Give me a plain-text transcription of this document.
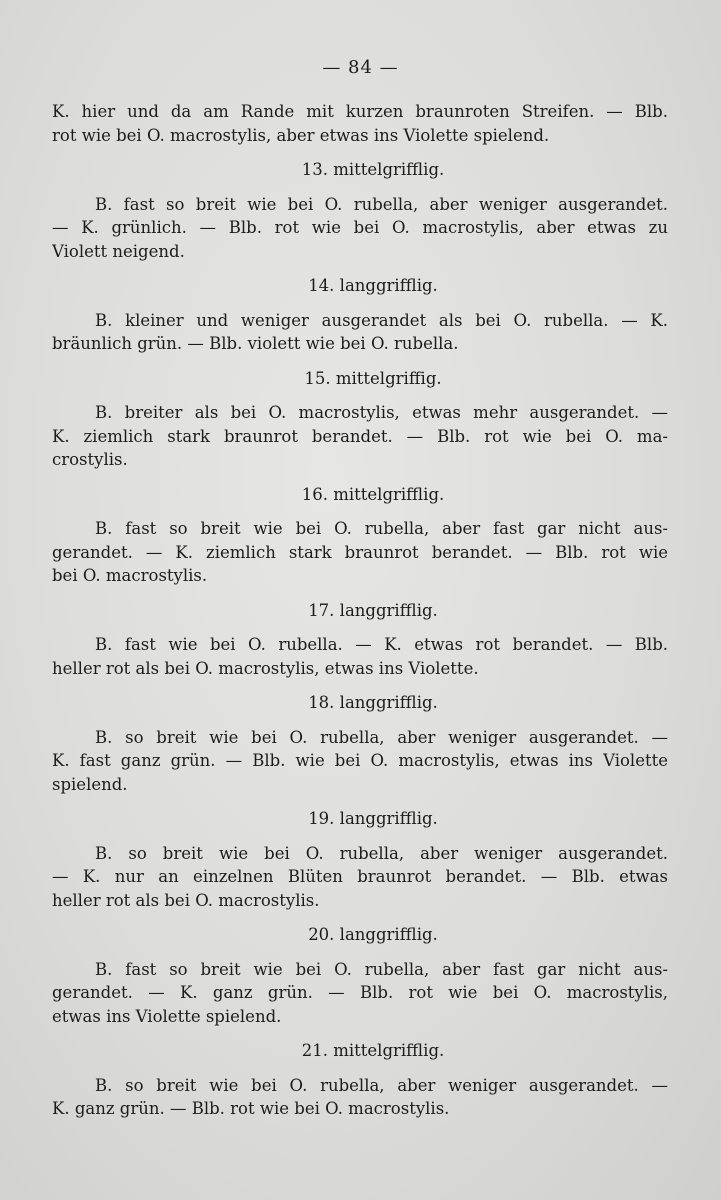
— 84 —
K. hier und da am Rande mit kurzen braunroten Streifen. — Blb.
rot wie bei O. macrostylis, aber etwas ins Violette spielend.
13. mittelgrifflig.
B. fast so breit wie bei O. rubella, aber weniger ausgerandet.
— K. grünlich. — Blb. rot wie bei O. macrostylis, aber etwas zu
Violett neigend.
14. langgrifflig.
B. kleiner und weniger ausgerandet als bei O. rubella. — K.
bräunlich grün. — Blb. violett wie bei O. rubella.
15. mittelgriffig.
B. breiter als bei O. macrostylis, etwas mehr ausgerandet. —
K. ziemlich stark braunrot berandet. — Blb. rot wie bei O. ma-
crostylis.
16. mittelgrifflig.
B. fast so breit wie bei O. rubella, aber fast gar nicht aus-
gerandet. — K. ziemlich stark braunrot berandet. — Blb. rot wie
bei O. macrostylis.
17. langgrifflig.
B. fast wie bei O. rubella. — K. etwas rot berandet. — Blb.
heller rot als bei O. macrostylis, etwas ins Violette.
18. langgrifflig.
B. so breit wie bei O. rubella, aber weniger ausgerandet. —
K. fast ganz grün. — Blb. wie bei O. macrostylis, etwas ins Violette
spielend.
19. langgrifflig.
B. so breit wie bei O. rubella, aber weniger ausgerandet.
— K. nur an einzelnen Blüten braunrot berandet. — Blb. etwas
heller rot als bei O. macrostylis.
20. langgrifflig.
B. fast so breit wie bei O. rubella, aber fast gar nicht aus-
gerandet. — K. ganz grün. — Blb. rot wie bei O. macrostylis,
etwas ins Violette spielend.
21. mittelgrifflig.
B. so breit wie bei O. rubella, aber weniger ausgerandet. —
K. ganz grün. — Blb. rot wie bei O. macrostylis.
